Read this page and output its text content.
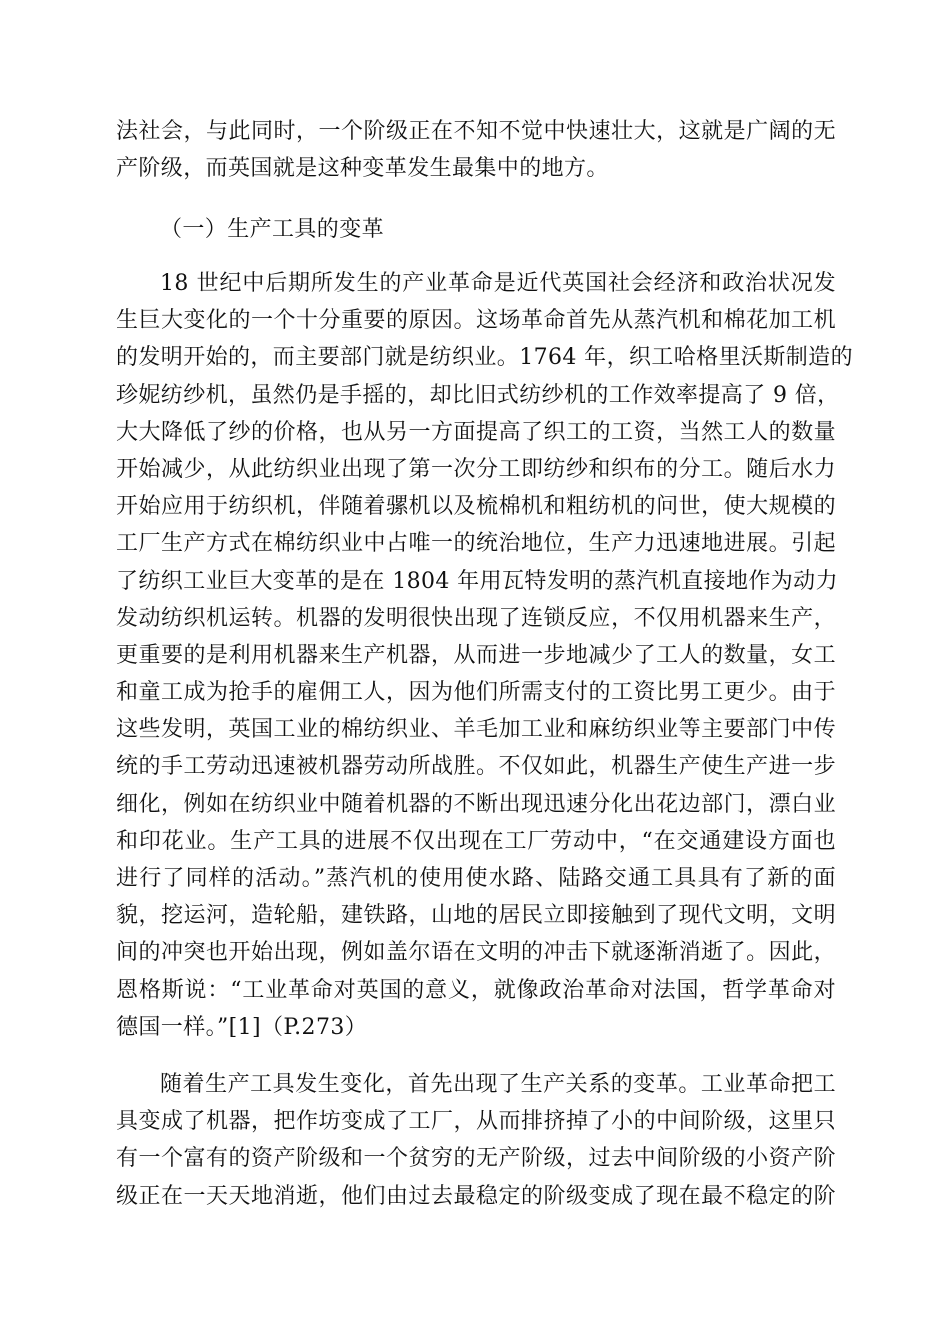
法社会，与此同时，一个阶级正在不知不觉中快速壮大，这就是广阔的无
产阶级，而英国就是这种变革发生最集中的地方。
（一）生产工具的变革
18 世纪中后期所发生的产业革命是近代英国社会经济和政治状况发
生巨大变化的一个十分重要的原因。这场革命首先从蒸汽机和棉花加工机
的发明开始的，而主要部门就是纺织业。1764 年，织工哈格里沃斯制造的
珍妮纺纱机，虽然仍是手摇的，却比旧式纺纱机的工作效率提高了 9 倍，
大大降低了纱的价格，也从另一方面提高了织工的工资，当然工人的数量
开始减少，从此纺织业出现了第一次分工即纺纱和织布的分工。随后水力
开始应用于纺织机，伴随着骡机以及梳棉机和粗纺机的问世，使大规模的
工厂生产方式在棉纺织业中占唯一的统治地位，生产力迅速地进展。引起
了纺织工业巨大变革的是在 1804 年用瓦特发明的蒸汽机直接地作为动力
发动纺织机运转。机器的发明很快出现了连锁反应，不仅用机器来生产，
更重要的是利用机器来生产机器，从而进一步地减少了工人的数量，女工
和童工成为抢手的雇佣工人，因为他们所需支付的工资比男工更少。由于
这些发明，英国工业的棉纺织业、羊毛加工业和麻纺织业等主要部门中传
统的手工劳动迅速被机器劳动所战胜。不仅如此，机器生产使生产进一步
细化，例如在纺织业中随着机器的不断出现迅速分化出花边部门，漂白业
和印花业。生产工具的进展不仅出现在工厂劳动中，“在交通建设方面也
进行了同样的活动。”蒸汽机的使用使水路、陆路交通工具具有了新的面
貌，挖运河，造轮船，建铁路，山地的居民立即接触到了现代文明，文明
间的冲突也开始出现，例如盖尔语在文明的冲击下就逐渐消逝了。因此，
恩格斯说：“工业革命对英国的意义，就像政治革命对法国，哲学革命对
德国一样。”[1]（P.273）
随着生产工具发生变化，首先出现了生产关系的变革。工业革命把工
具变成了机器，把作坊变成了工厂，从而排挤掉了小的中间阶级，这里只
有一个富有的资产阶级和一个贫穷的无产阶级，过去中间阶级的小资产阶
级正在一天天地消逝，他们由过去最稳定的阶级变成了现在最不稳定的阶
